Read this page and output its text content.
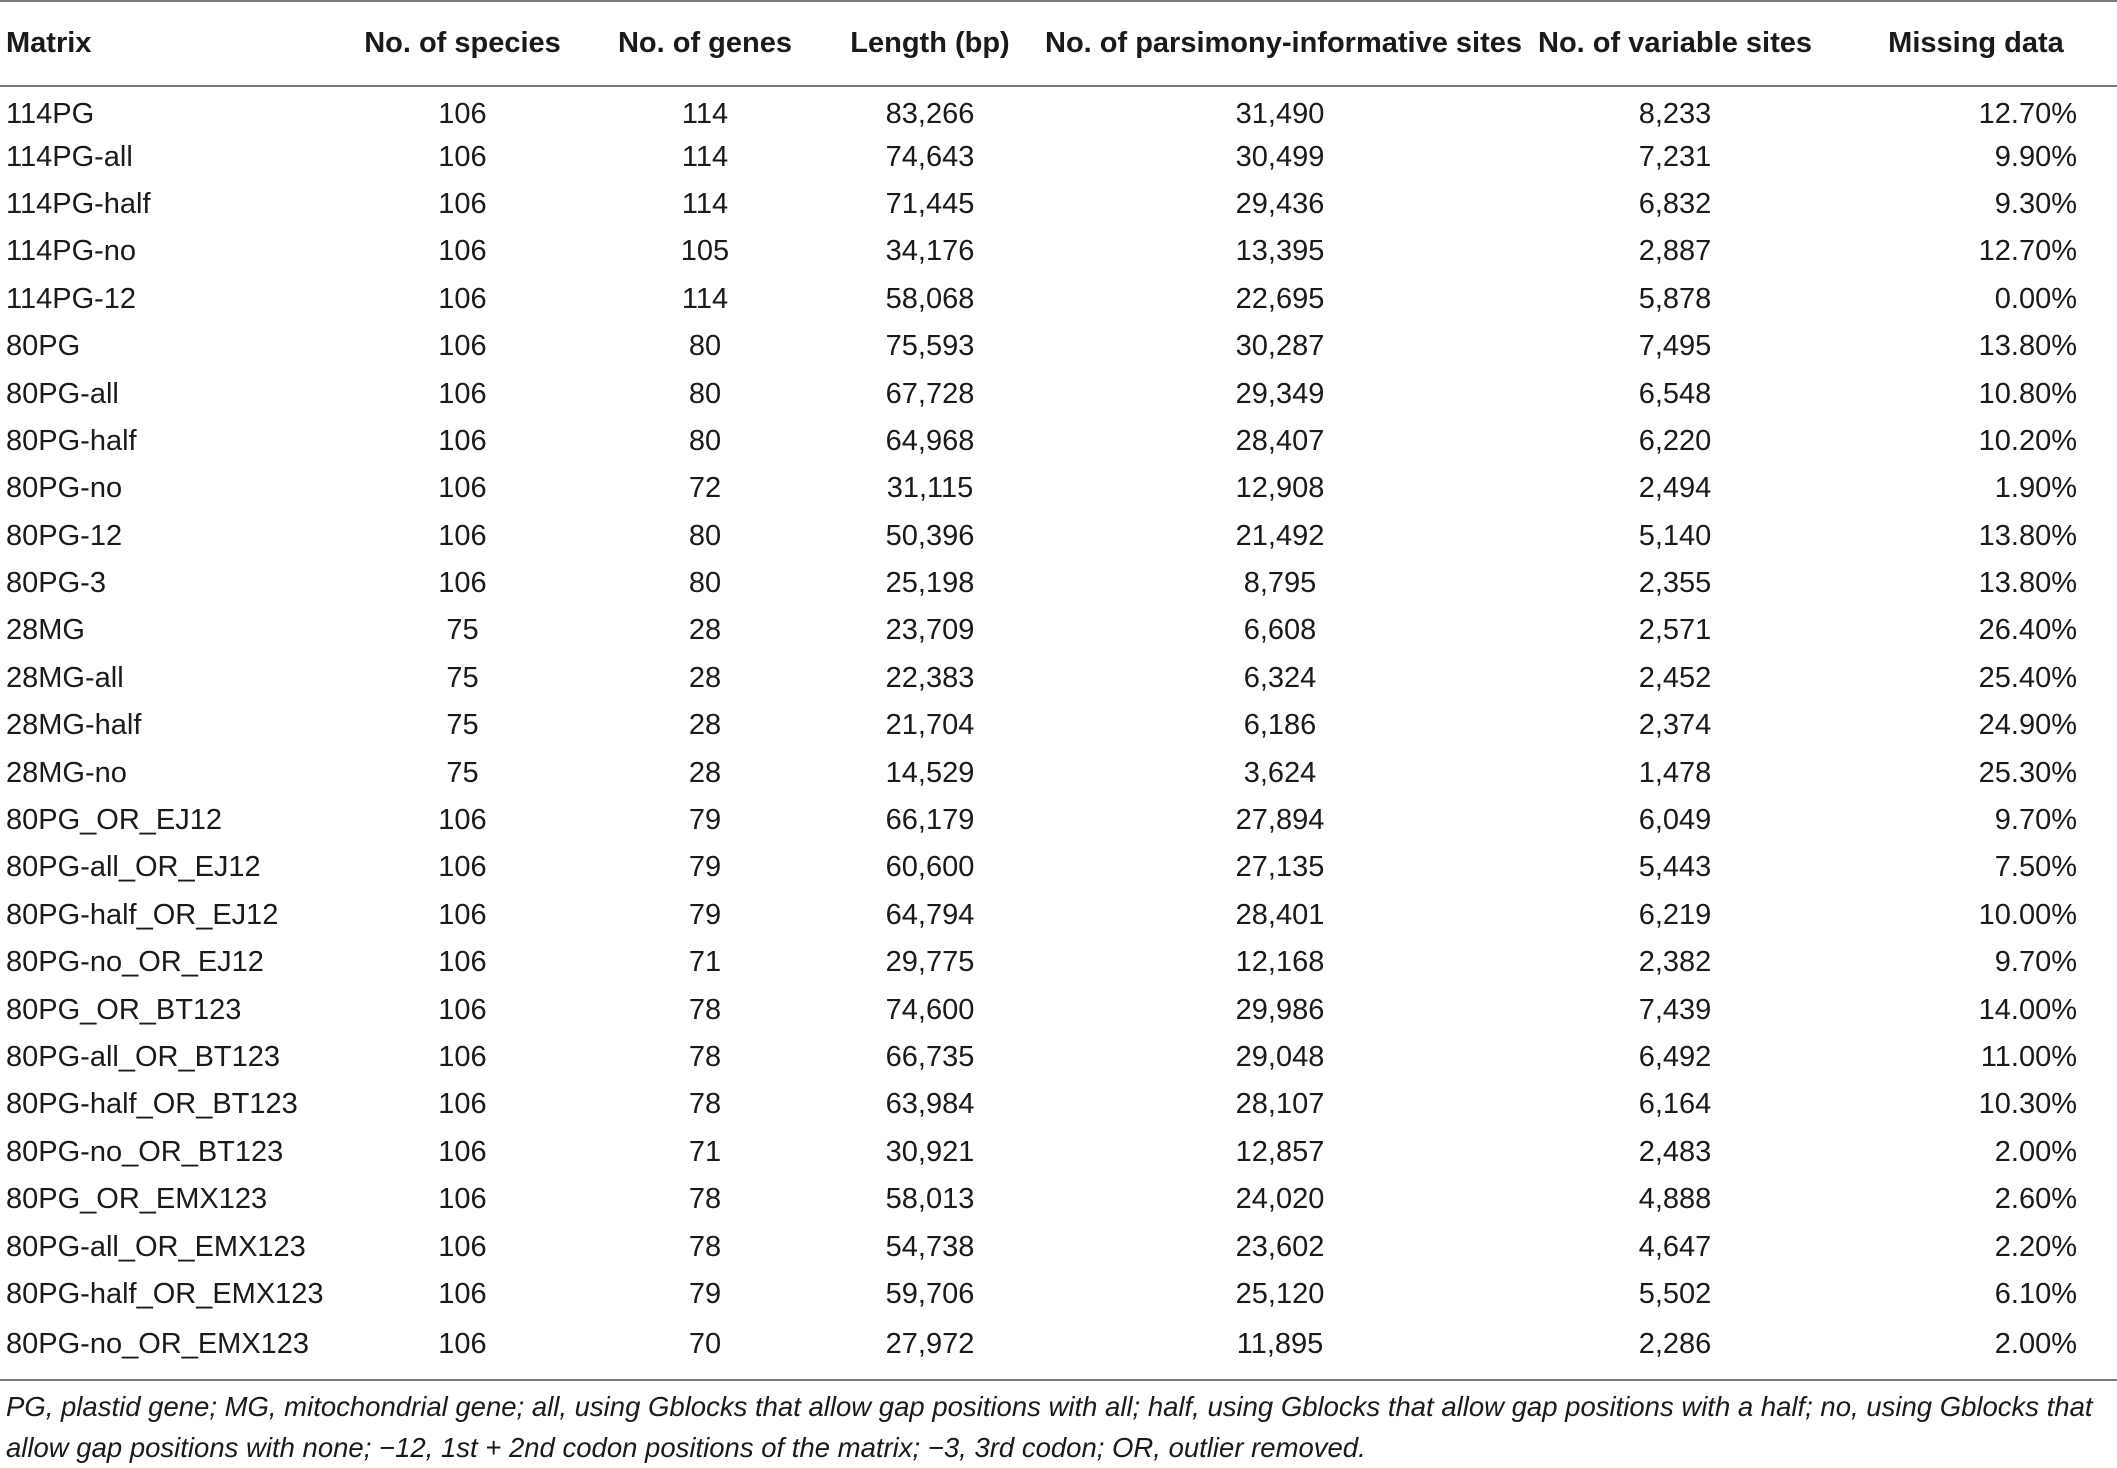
Matrix	No. of species	No. of genes	Length (bp)	No. of parsimony-informative sites	No. of variable sites	Missing data
114PG	106	114	83,266	31,490	8,233	12.70%
114PG-all	106	114	74,643	30,499	7,231	9.90%
114PG-half	106	114	71,445	29,436	6,832	9.30%
114PG-no	106	105	34,176	13,395	2,887	12.70%
114PG-12	106	114	58,068	22,695	5,878	0.00%
80PG	106	80	75,593	30,287	7,495	13.80%
80PG-all	106	80	67,728	29,349	6,548	10.80%
80PG-half	106	80	64,968	28,407	6,220	10.20%
80PG-no	106	72	31,115	12,908	2,494	1.90%
80PG-12	106	80	50,396	21,492	5,140	13.80%
80PG-3	106	80	25,198	8,795	2,355	13.80%
28MG	75	28	23,709	6,608	2,571	26.40%
28MG-all	75	28	22,383	6,324	2,452	25.40%
28MG-half	75	28	21,704	6,186	2,374	24.90%
28MG-no	75	28	14,529	3,624	1,478	25.30%
80PG_OR_EJ12	106	79	66,179	27,894	6,049	9.70%
80PG-all_OR_EJ12	106	79	60,600	27,135	5,443	7.50%
80PG-half_OR_EJ12	106	79	64,794	28,401	6,219	10.00%
80PG-no_OR_EJ12	106	71	29,775	12,168	2,382	9.70%
80PG_OR_BT123	106	78	74,600	29,986	7,439	14.00%
80PG-all_OR_BT123	106	78	66,735	29,048	6,492	11.00%
80PG-half_OR_BT123	106	78	63,984	28,107	6,164	10.30%
80PG-no_OR_BT123	106	71	30,921	12,857	2,483	2.00%
80PG_OR_EMX123	106	78	58,013	24,020	4,888	2.60%
80PG-all_OR_EMX123	106	78	54,738	23,602	4,647	2.20%
80PG-half_OR_EMX123	106	79	59,706	25,120	5,502	6.10%
80PG-no_OR_EMX123	106	70	27,972	11,895	2,286	2.00%
PG, plastid gene; MG, mitochondrial gene; all, using Gblocks that allow gap positions with all; half, using Gblocks that allow gap positions with a half; no, using Gblocks that allow gap positions with none; −12, 1st + 2nd codon positions of the matrix; −3, 3rd codon; OR, outlier removed.
